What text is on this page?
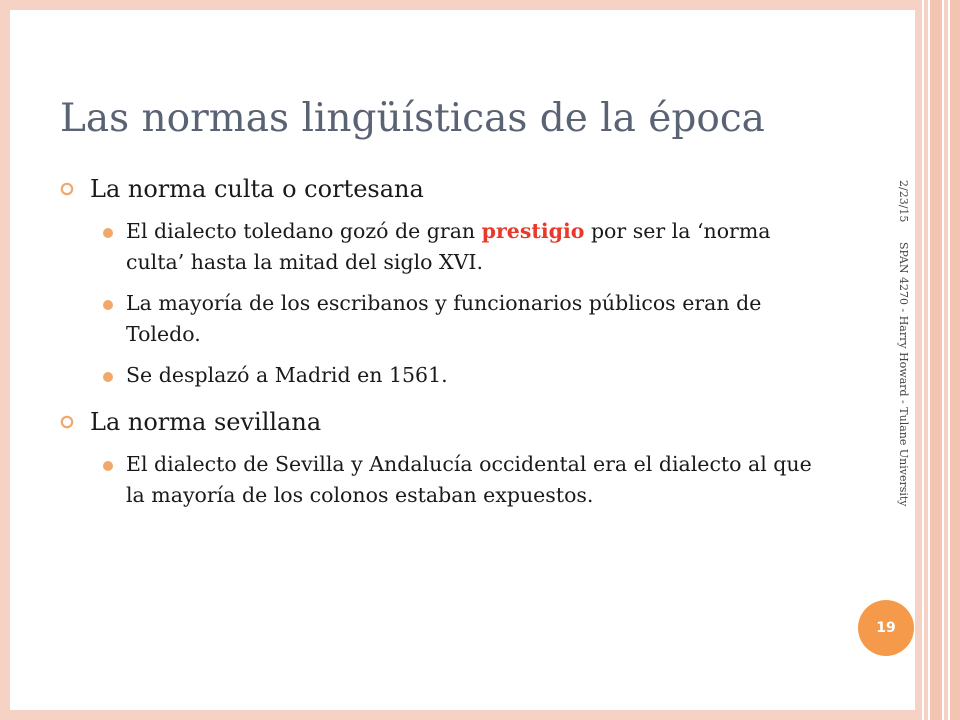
Las normas lingüísticas de la época
La norma culta o cortesana
El dialecto toledano gozó de gran prestigio por ser la ‘norma culta’ hasta la mitad del siglo XVI.
La mayoría de los escribanos y funcionarios públicos eran de Toledo.
Se desplazó a Madrid en 1561.
La norma sevillana
El dialecto de Sevilla y Andalucía occidental era el dialecto al que la mayoría de los colonos estaban expuestos.
2/23/15
SPAN 4270 - Harry Howard - Tulane University
19
